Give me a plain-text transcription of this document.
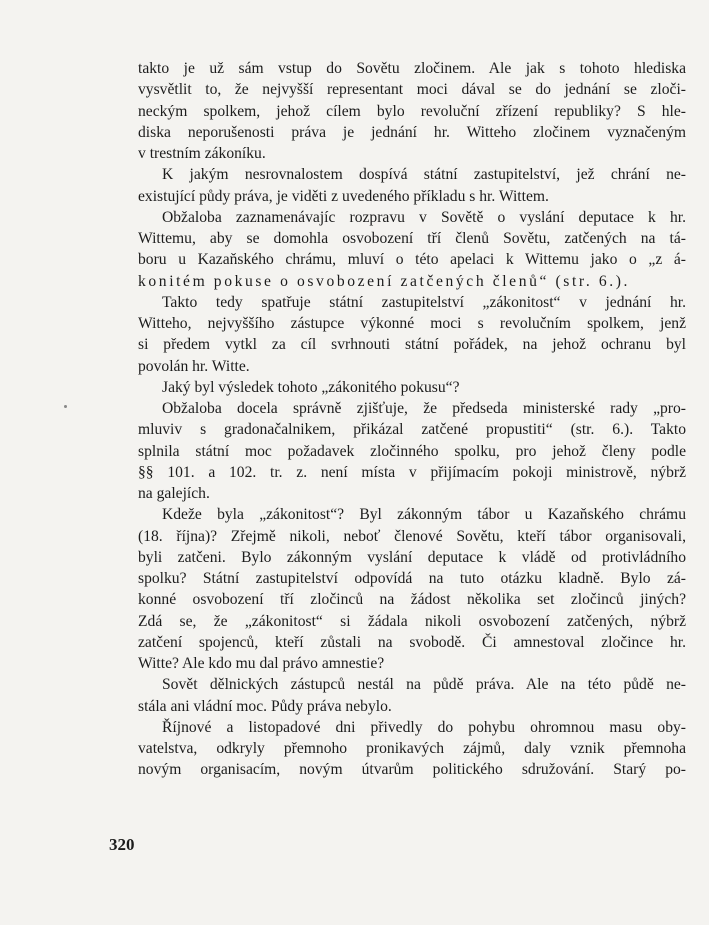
takto je už sám vstup do Sovětu zločinem. Ale jak s tohoto hlediska
vysvětlit to, že nejvyšší representant moci dával se do jednání se zloči-
neckým spolkem, jehož cílem bylo revoluční zřízení republiky? S hle-
diska neporušenosti práva je jednání hr. Witteho zločinem vyznačeným
v trestním zákoníku.
K jakým nesrovnalostem dospívá státní zastupitelství, jež chrání ne-
existující půdy práva, je viděti z uvedeného příkladu s hr. Wittem.
Obžaloba zaznamenávajíc rozpravu v Sovětě o vyslání deputace k hr.
Wittemu, aby se domohla osvobození tří členů Sovětu, zatčených na tá-
boru u Kazaňského chrámu, mluví o této apelaci k Wittemu jako o „z á-
konitém pokuse o osvobození zatčených členů“ (str. 6.).
Takto tedy spatřuje státní zastupitelství „zákonitost“ v jednání hr.
Witteho, nejvyššího zástupce výkonné moci s revolučním spolkem, jenž
si předem vytkl za cíl svrhnouti státní pořádek, na jehož ochranu byl
povolán hr. Witte.
Jaký byl výsledek tohoto „zákonitého pokusu“?
Obžaloba docela správně zjišťuje, že předseda ministerské rady „pro-
mluviv s gradonačalnikem, přikázal zatčené propustiti“ (str. 6.). Takto
splnila státní moc požadavek zločinného spolku, pro jehož členy podle
§§ 101. a 102. tr. z. není místa v přijímacím pokoji ministrově, nýbrž
na galejích.
Kdeže byla „zákonitost“? Byl zákonným tábor u Kazaňského chrámu
(18. října)? Zřejmě nikoli, neboť členové Sovětu, kteří tábor organisovali,
byli zatčeni. Bylo zákonným vyslání deputace k vládě od protivládního
spolku? Státní zastupitelství odpovídá na tuto otázku kladně. Bylo zá-
konné osvobození tří zločinců na žádost několika set zločinců jiných?
Zdá se, že „zákonitost“ si žádala nikoli osvobození zatčených, nýbrž
zatčení spojenců, kteří zůstali na svobodě. Či amnestoval zločince hr.
Witte? Ale kdo mu dal právo amnestie?
Sovět dělnických zástupců nestál na půdě práva. Ale na této půdě ne-
stála ani vládní moc. Půdy práva nebylo.
Říjnové a listopadové dni přivedly do pohybu ohromnou masu oby-
vatelstva, odkryly přemnoho pronikavých zájmů, daly vznik přemnoha
novým organisacím, novým útvarům politického sdružování. Starý po-
320
